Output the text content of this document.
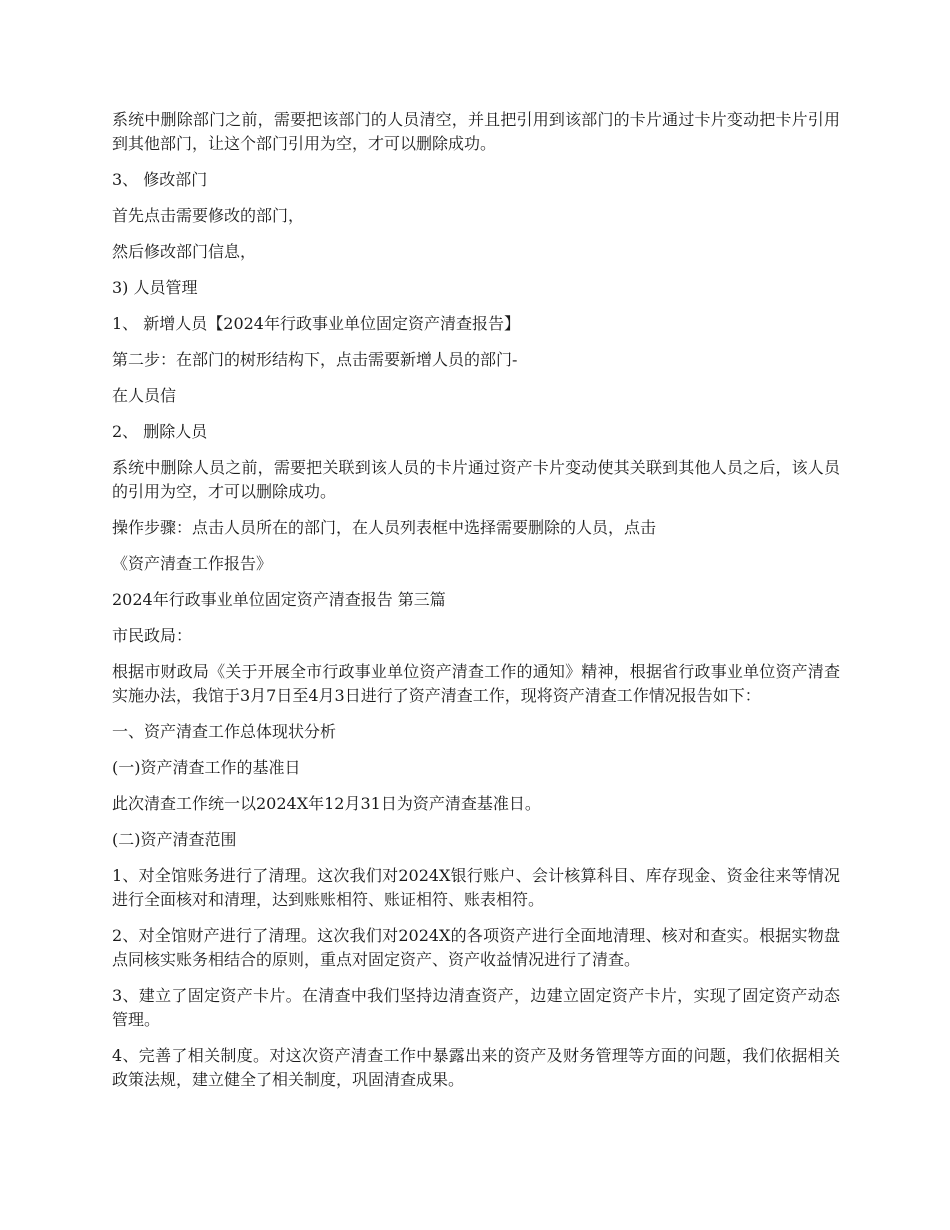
系统中删除部门之前，需要把该部门的人员清空，并且把引用到该部门的卡片通过卡片变动把卡片引用到其他部门，让这个部门引用为空，才可以删除成功。

3、 修改部门

首先点击需要修改的部门，

然后修改部门信息，

3) 人员管理

1、 新增人员【2024年行政事业单位固定资产清查报告】

第二步：在部门的树形结构下，点击需要新增人员的部门-

在人员信

2、 删除人员

系统中删除人员之前，需要把关联到该人员的卡片通过资产卡片变动使其关联到其他人员之后，该人员的引用为空，才可以删除成功。

操作步骤：点击人员所在的部门，在人员列表框中选择需要删除的人员，点击

《资产清查工作报告》

2024年行政事业单位固定资产清查报告 第三篇

市民政局：

根据市财政局《关于开展全市行政事业单位资产清查工作的通知》精神，根据省行政事业单位资产清查实施办法，我馆于3月7日至4月3日进行了资产清查工作，现将资产清查工作情况报告如下：

一、资产清查工作总体现状分析

(一)资产清查工作的基准日

此次清查工作统一以2024X年12月31日为资产清查基准日。

(二)资产清查范围

1、对全馆账务进行了清理。这次我们对2024X银行账户、会计核算科目、库存现金、资金往来等情况进行全面核对和清理，达到账账相符、账证相符、账表相符。

2、对全馆财产进行了清理。这次我们对2024X的各项资产进行全面地清理、核对和查实。根据实物盘点同核实账务相结合的原则，重点对固定资产、资产收益情况进行了清查。

3、建立了固定资产卡片。在清查中我们坚持边清查资产，边建立固定资产卡片，实现了固定资产动态管理。

4、完善了相关制度。对这次资产清查工作中暴露出来的资产及财务管理等方面的问题，我们依据相关政策法规，建立健全了相关制度，巩固清查成果。
